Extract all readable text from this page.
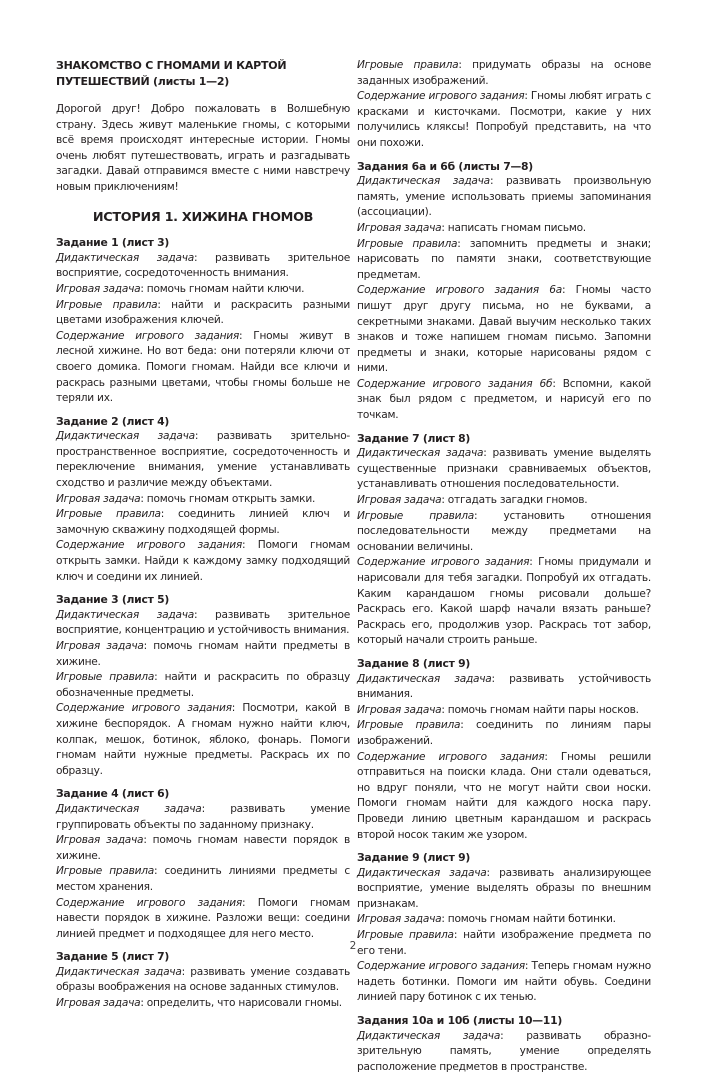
ЗНАКОМСТВО С ГНОМАМИ И КАРТОЙ ПУТЕШЕСТВИЙ (листы 1—2)

Дорогой друг! Добро пожаловать в Волшебную страну. Здесь живут маленькие гномы, с которыми всё время происходят интересные истории. Гномы очень любят путешествовать, играть и разгадывать загадки. Давай отправимся вместе с ними навстречу новым приключениям!

ИСТОРИЯ 1. ХИЖИНА ГНОМОВ
Задание 1 (лист 3)

Дидактическая задача: развивать зрительное восприятие, сосредоточенность внимания.

Игровая задача: помочь гномам найти ключи.

Игровые правила: найти и раскрасить разными цветами изображения ключей.

Содержание игрового задания: Гномы живут в лесной хижине. Но вот беда: они потеряли ключи от своего домика. Помоги гномам. Найди все ключи и раскрась разными цветами, чтобы гномы больше не теряли их.

Задание 2 (лист 4)

Дидактическая задача: развивать зрительно-пространственное восприятие, сосредоточенность и переключение внимания, умение устанавливать сходство и различие между объектами.

Игровая задача: помочь гномам открыть замки.

Игровые правила: соединить линией ключ и замочную скважину подходящей формы.

Содержание игрового задания: Помоги гномам открыть замки. Найди к каждому замку подходящий ключ и соедини их линией.

Задание 3 (лист 5)

Дидактическая задача: развивать зрительное восприятие, концентрацию и устойчивость внимания.

Игровая задача: помочь гномам найти предметы в хижине.

Игровые правила: найти и раскрасить по образцу обозначенные предметы.

Содержание игрового задания: Посмотри, какой в хижине беспорядок. А гномам нужно найти ключ, колпак, мешок, ботинок, яблоко, фонарь. Помоги гномам найти нужные предметы. Раскрась их по образцу.

Задание 4 (лист 6)

Дидактическая задача: развивать умение группировать объекты по заданному признаку.

Игровая задача: помочь гномам навести порядок в хижине.

Игровые правила: соединить линиями предметы с местом хранения.

Содержание игрового задания: Помоги гномам навести порядок в хижине. Разложи вещи: соедини линией предмет и подходящее для него место.

Задание 5 (лист 7)

Дидактическая задача: развивать умение создавать образы воображения на основе заданных стимулов.

Игровая задача: определить, что нарисовали гномы.

Игровые правила: придумать образы на основе заданных изображений.

Содержание игрового задания: Гномы любят играть с красками и кисточками. Посмотри, какие у них получились кляксы! Попробуй представить, на что они похожи.

Задания 6а и 6б (листы 7—8)

Дидактическая задача: развивать произвольную память, умение использовать приемы запоминания (ассоциации).

Игровая задача: написать гномам письмо.

Игровые правила: запомнить предметы и знаки; нарисовать по памяти знаки, соответствующие предметам.

Содержание игрового задания 6а: Гномы часто пишут друг другу письма, но не буквами, а секретными знаками. Давай выучим несколько таких знаков и тоже напишем гномам письмо. Запомни предметы и знаки, которые нарисованы рядом с ними.

Содержание игрового задания 6б: Вспомни, какой знак был рядом с предметом, и нарисуй его по точкам.

Задание 7 (лист 8)

Дидактическая задача: развивать умение выделять существенные признаки сравниваемых объектов, устанавливать отношения последовательности.

Игровая задача: отгадать загадки гномов.

Игровые правила: установить отношения последовательности между предметами на основании величины.

Содержание игрового задания: Гномы придумали и нарисовали для тебя загадки. Попробуй их отгадать. Каким карандашом гномы рисовали дольше? Раскрась его. Какой шарф начали вязать раньше? Раскрась его, продолжив узор. Раскрась тот забор, который начали строить раньше.

Задание 8 (лист 9)

Дидактическая задача: развивать устойчивость внимания.

Игровая задача: помочь гномам найти пары носков.

Игровые правила: соединить по линиям пары изображений.

Содержание игрового задания: Гномы решили отправиться на поиски клада. Они стали одеваться, но вдруг поняли, что не могут найти свои носки. Помоги гномам найти для каждого носка пару. Проведи линию цветным карандашом и раскрась второй носок таким же узором.

Задание 9 (лист 9)

Дидактическая задача: развивать анализирующее восприятие, умение выделять образы по внешним признакам.

Игровая задача: помочь гномам найти ботинки.

Игровые правила: найти изображение предмета по его тени.

Содержание игрового задания: Теперь гномам нужно надеть ботинки. Помоги им найти обувь. Соедини линией пару ботинок с их тенью.

Задания 10а и 10б (листы 10—11)

Дидактическая задача: развивать образно-зрительную память, умение определять расположение предметов в пространстве.

2
